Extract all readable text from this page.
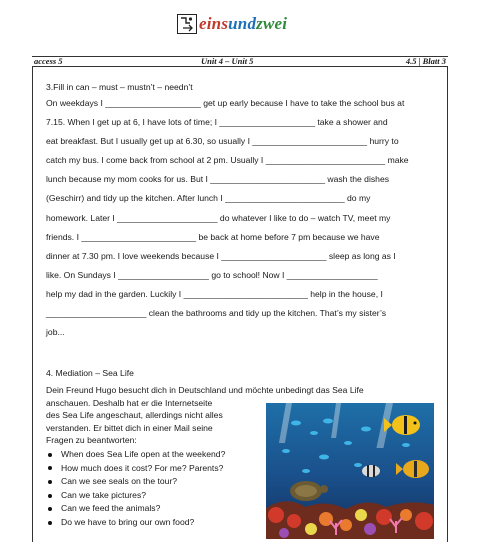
einsundzwei
access 5	Unit 4 – Unit 5	4.5 | Blatt 3
3.Fill in can – must – mustn’t – needn’t

On weekdays I ____________________ get up early because I have to take the school bus at

7.15. When I get up at 6, I have lots of time; I ____________________ take a shower and

eat breakfast. But I usually get up at 6.30, so usually I ________________________ hurry to

catch my bus. I come back from school at 2 pm. Usually I _________________________ make

lunch because my mom cooks for us. But I ________________________ wash the dishes

(Geschirr) and tidy up the kitchen. After lunch I _________________________ do my

homework. Later I _____________________ do whatever I like to do – watch TV, meet my

friends. I ________________________ be back at home before 7 pm because we have

dinner at 7.30 pm. I love weekends because I ______________________ sleep as long as I

like. On Sundays I ___________________ go to school! Now I ___________________

help my dad in the garden. Luckily I __________________________ help in the house, I

_____________________ clean the bathrooms and tidy up the kitchen. That’s my sister’s

job...

4. Mediation – Sea Life

Dein Freund Hugo besucht dich in Deutschland und möchte unbedingt das Sea Life

anschauen. Deshalb hat er die Internetseite

des Sea Life angeschaut, allerdings nicht alles

verstanden. Er bittet dich in einer Mail seine

Fragen zu beantworten:

When does Sea Life open at the weekend?
How much does it cost? For me? Parents?
Can we see seals on the tour?
Can we take pictures?
Can we feed the animals?
Do we have to bring our own food?
